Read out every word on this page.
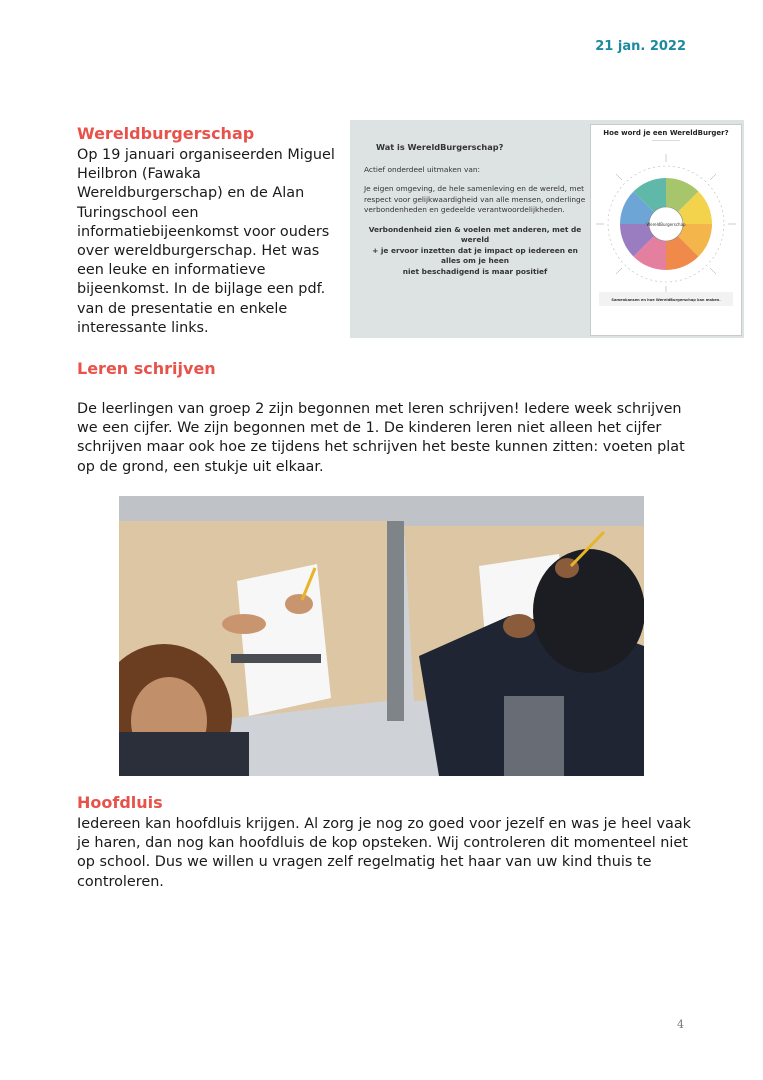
21 jan. 2022
Wereldburgerschap

Op 19 januari organiseerden Miguel Heilbron (Fawaka Wereldburgerschap) en de Alan Turingschool een informatiebijeenkomst voor ouders over wereldburgerschap. Het was een leuke en informatieve bijeenkomst. In de bijlage een pdf. van de presentatie en enkele interessante links.

Wat is WereldBurgerschap?

Actief onderdeel uitmaken van:

Je eigen omgeving, de hele samenleving en de wereld, met respect voor gelijkwaardigheid van alle mensen, onderlinge verbondenheden en gedeelde verantwoordelijkheden.

Verbondenheid zien & voelen met anderen, met de wereld

+ je ervoor inzetten dat je impact op iedereen en alles om je heen

niet beschadigend is maar positief

Hoe word je een WereldBurger?
————————
WereldBurgerschap
Samenkansen en hoe WereldBurgerschap kan maken.
Leren schrijven

De leerlingen van groep 2 zijn begonnen met leren schrijven! Iedere week schrijven we een cijfer. We zijn begonnen met de 1. De kinderen leren niet alleen het cijfer schrijven maar ook hoe ze tijdens het schrijven het beste kunnen zitten: voeten plat op de grond, een stukje uit elkaar.

Hoofdluis

Iedereen kan hoofdluis krijgen. Al zorg je nog zo goed voor jezelf en was je heel vaak je haren, dan nog kan hoofdluis de kop opsteken. Wij controleren dit momenteel niet op school. Dus we willen u vragen zelf regelmatig het haar van uw kind thuis te controleren.

4
